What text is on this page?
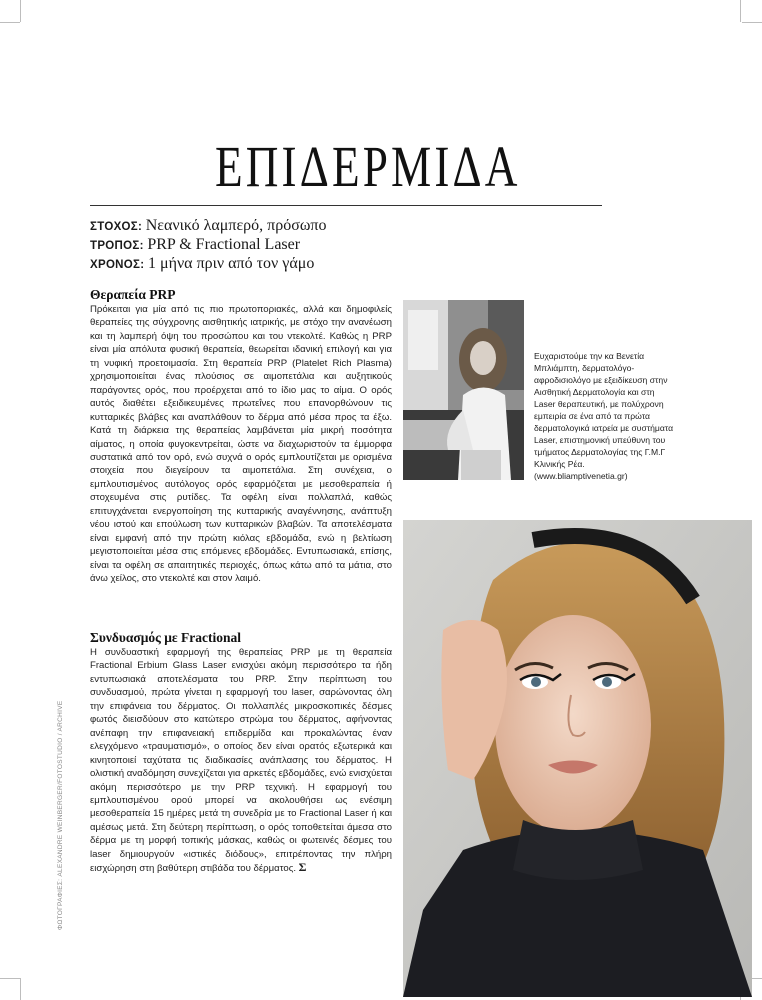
ΕΠΙΔΕΡΜΙΔΑ
ΣΤΟΧΟΣ: Νεανικό λαμπερό, πρόσωπο
ΤΡΟΠΟΣ: PRP & Fractional Laser
ΧΡΟΝΟΣ: 1 μήνα πριν από τον γάμο
Θεραπεία PRP

Πρόκειται για μία από τις πιο πρωτοποριακές, αλλά και δημοφιλείς θεραπείες της σύγχρονης αισθητικής ιατρικής, με στόχο την ανανέωση και τη λαμπερή όψη του προσώπου και του ντεκολτέ. Καθώς η PRP είναι μία απόλυτα φυσική θεραπεία, θεωρείται ιδανική επιλογή και για τη νυφική προετοιμασία. Στη θεραπεία PRP (Platelet Rich Plasma) χρησιμοποιείται ένας πλούσιος σε αιμοπετάλια και αυξητικούς παράγοντες ορός, που προέρχεται από το ίδιο μας το αίμα. Ο ορός αυτός διαθέτει εξειδικευμένες πρωτεΐνες που επανορθώνουν τις κυτταρικές βλάβες και αναπλάθουν το δέρμα από μέσα προς τα έξω. Κατά τη διάρκεια της θεραπείας λαμβάνεται μία μικρή ποσότητα αίματος, η οποία φυγοκεντρείται, ώστε να διαχωριστούν τα έμμορφα συστατικά από τον ορό, ενώ συχνά ο ορός εμπλουτίζεται με ορισμένα στοιχεία που διεγείρουν τα αιμοπετάλια. Στη συνέχεια, ο εμπλουτισμένος αυτόλογος ορός εφαρμόζεται με μεσοθεραπεία ή στοχευμένα στις ρυτίδες. Τα οφέλη είναι πολλαπλά, καθώς επιτυγχάνεται ενεργοποίηση της κυτταρικής αναγέννησης, ανάπτυξη νέου ιστού και επούλωση των κυτταρικών βλαβών. Τα αποτελέσματα είναι εμφανή από την πρώτη κιόλας εβδομάδα, ενώ η βελτίωση μεγιστοποιείται μέσα στις επόμενες εβδομάδες. Εντυπωσιακά, επίσης, είναι τα οφέλη σε απαιτητικές περιοχές, όπως κάτω από τα μάτια, στο άνω χείλος, στο ντεκολτέ και στον λαιμό.

Συνδυασμός με Fractional

Η συνδυαστική εφαρμογή της θεραπείας PRP με τη θεραπεία Fractional Erbium Glass Laser ενισχύει ακόμη περισσότερο τα ήδη εντυπωσιακά αποτελέσματα του PRP. Στην περίπτωση του συνδυασμού, πρώτα γίνεται η εφαρμογή του laser, σαρώνοντας όλη την επιφάνεια του δέρματος. Οι πολλαπλές μικροσκοπικές δέσμες φωτός διεισδύουν στο κατώτερο στρώμα του δέρματος, αφήνοντας ανέπαφη την επιφανειακή επιδερμίδα και προκαλώντας έναν ελεγχόμενο «τραυματισμό», ο οποίος δεν είναι ορατός εξωτερικά και κινητοποιεί ταχύτατα τις διαδικασίες ανάπλασης του δέρματος. Η ολιστική αναδόμηση συνεχίζεται για αρκετές εβδομάδες, ενώ ενισχύεται ακόμη περισσότερο με την PRP τεχνική. Η εφαρμογή του εμπλουτισμένου ορού μπορεί να ακολουθήσει ως ενέσιμη μεσοθεραπεία 15 ημέρες μετά τη συνεδρία με το Fractional Laser ή και αμέσως μετά. Στη δεύτερη περίπτωση, ο ορός τοποθετείται άμεσα στο δέρμα με τη μορφή τοπικής μάσκας, καθώς οι φωτεινές δέσμες του laser δημιουργούν «ιστικές διόδους», επιτρέποντας την πλήρη εισχώρηση στη βαθύτερη στιβάδα του δέρματος. Σ

Ευχαριστούμε την κα Βενετία Μπλιάμπτη, δερματολόγο-αφροδισιολόγο με εξειδίκευση στην Αισθητική Δερματολογία και στη Laser θεραπευτική, με πολύχρονη εμπειρία σε ένα από τα πρώτα δερματολογικά ιατρεία με συστήματα Laser, επιστημονική υπεύθυνη του τμήματος Δερματολογίας της Γ.Μ.Γ Κλινικής Ρέα. (www.bliamptivenetia.gr)
ΦΩΤΟΓΡΑΦΙΕΣ: ALEXANDRE WEINBERGER/FOTOSTUDIO / ARCHIVE
